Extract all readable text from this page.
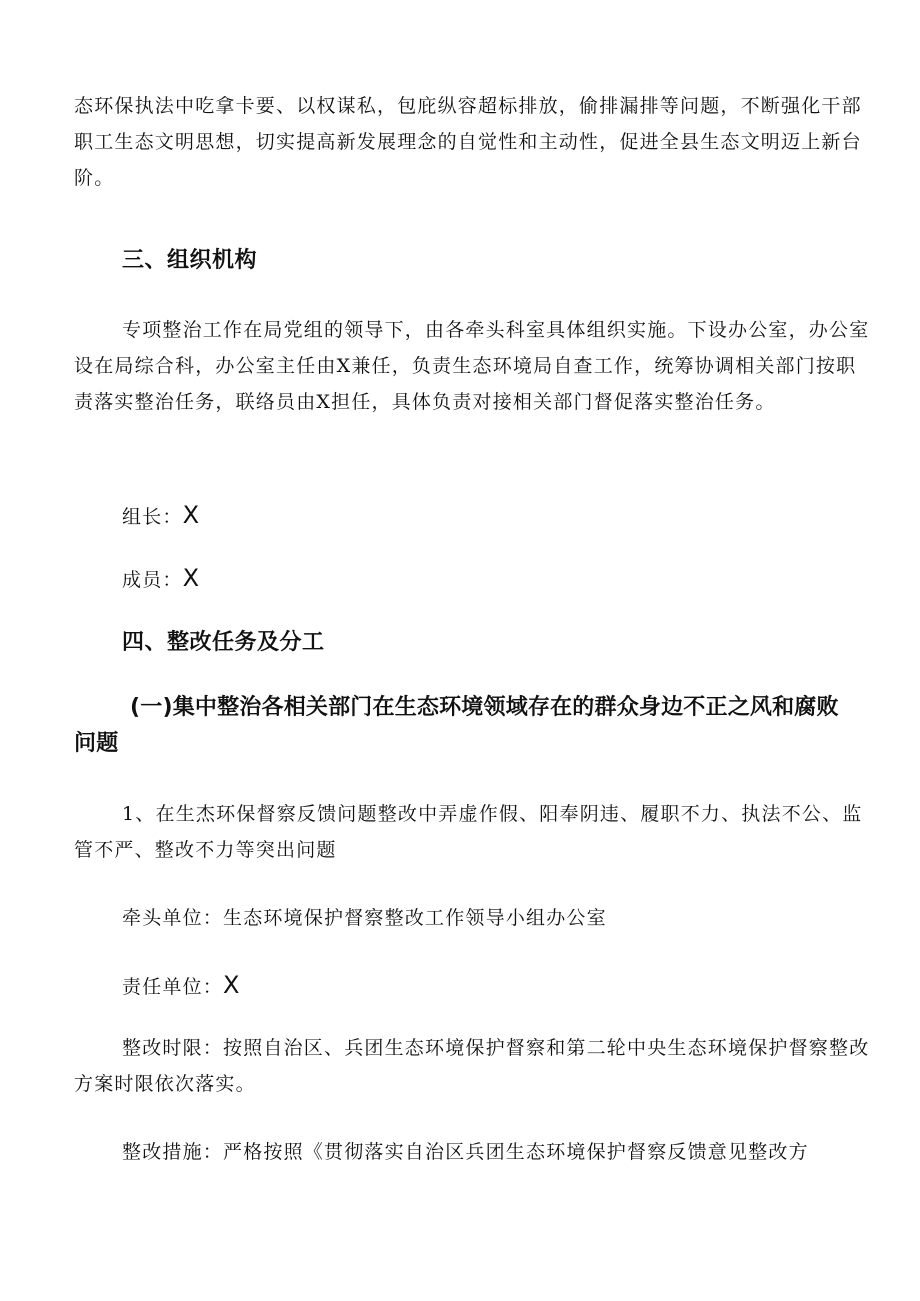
态环保执法中吃拿卡要、以权谋私，包庇纵容超标排放，偷排漏排等问题，不断强化干部职工生态文明思想，切实提高新发展理念的自觉性和主动性，促进全县生态文明迈上新台阶。

三、组织机构

专项整治工作在局党组的领导下，由各牵头科室具体组织实施。下设办公室，办公室设在局综合科，办公室主任由X兼任，负责生态环境局自查工作，统筹协调相关部门按职责落实整治任务，联络员由X担任，具体负责对接相关部门督促落实整治任务。

组长：X

成员：X

四、整改任务及分工
(一)集中整治各相关部门在生态环境领域存在的群众身边不正之风和腐败问题

1、在生杰环保督察反馈问题整改中弄虚作假、阳奉阴违、履职不力、执法不公、监管不严、整改不力等突出问题

牵头单位：生态环境保护督察整改工作领导小组办公室

责任单位：X

整改时限：按照自治区、兵团生态环境保护督察和第二轮中央生态环境保护督察整改方案时限依次落实。

整改措施：严格按照《贯彻落实自治区兵团生态环境保护督察反馈意见整改方
